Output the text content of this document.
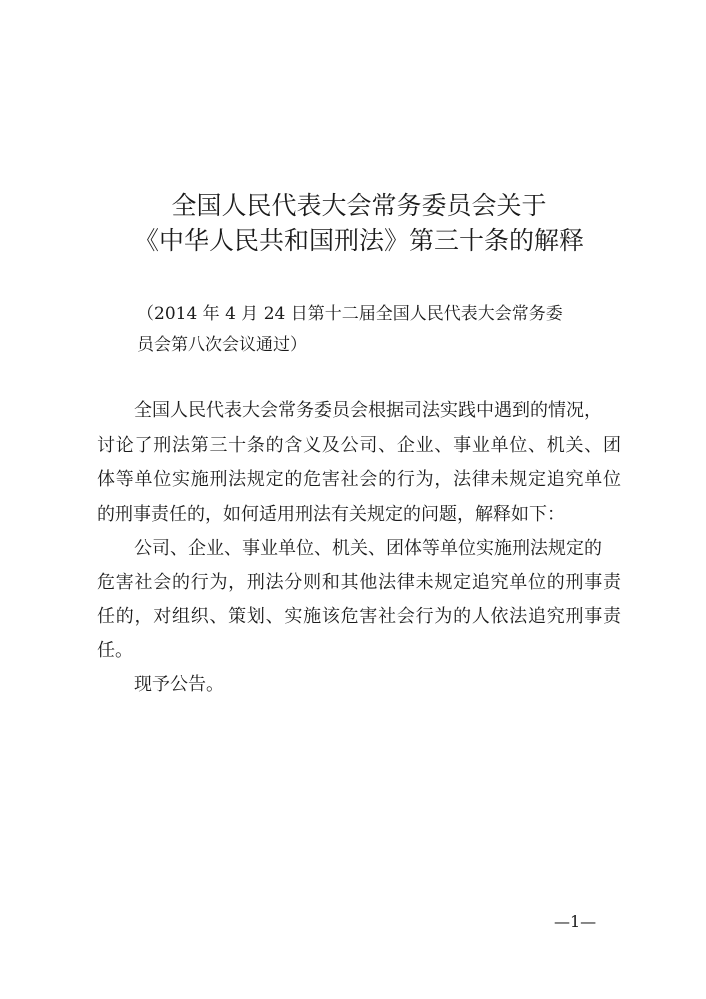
全国人民代表大会常务委员会关于
《中华人民共和国刑法》第三十条的解释
（2014 年 4 月 24 日第十二届全国人民代表大会常务委
员会第八次会议通过）
全国人民代表大会常务委员会根据司法实践中遇到的情况，
讨论了刑法第三十条的含义及公司、企业、事业单位、机关、团
体等单位实施刑法规定的危害社会的行为，法律未规定追究单位
的刑事责任的，如何适用刑法有关规定的问题，解释如下：
公司、企业、事业单位、机关、团体等单位实施刑法规定的
危害社会的行为，刑法分则和其他法律未规定追究单位的刑事责
任的，对组织、策划、实施该危害社会行为的人依法追究刑事责
任。
现予公告。
—1—
